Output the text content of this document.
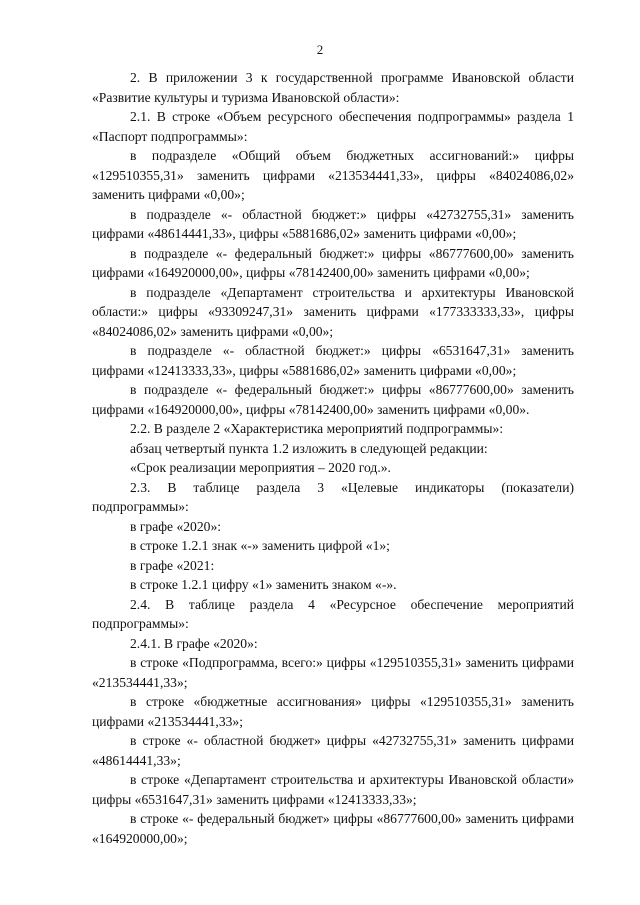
2

2. В приложении 3 к государственной программе Ивановской области «Развитие культуры и туризма Ивановской области»:

2.1. В строке «Объем ресурсного обеспечения подпрограммы» раздела 1 «Паспорт подпрограммы»:

в подразделе «Общий объем бюджетных ассигнований:» цифры «129510355,31» заменить цифрами «213534441,33», цифры «84024086,02» заменить цифрами «0,00»;

в подразделе «- областной бюджет:» цифры «42732755,31» заменить цифрами «48614441,33», цифры «5881686,02» заменить цифрами «0,00»;

в подразделе «- федеральный бюджет:» цифры «86777600,00» заменить цифрами «164920000,00», цифры «78142400,00» заменить цифрами «0,00»;

в подразделе «Департамент строительства и архитектуры Ивановской области:» цифры «93309247,31» заменить цифрами «177333333,33», цифры «84024086,02» заменить цифрами «0,00»;

в подразделе «- областной бюджет:» цифры «6531647,31» заменить цифрами «12413333,33», цифры «5881686,02» заменить цифрами «0,00»;

в подразделе «- федеральный бюджет:» цифры «86777600,00» заменить цифрами «164920000,00», цифры «78142400,00» заменить цифрами «0,00».

2.2. В разделе 2 «Характеристика мероприятий подпрограммы»:

абзац четвертый пункта 1.2 изложить в следующей редакции:

«Срок реализации мероприятия – 2020 год.».

2.3. В таблице раздела 3 «Целевые индикаторы (показатели) подпрограммы»:

в графе «2020»:

в строке 1.2.1 знак «-» заменить цифрой «1»;

в графе «2021:

в строке 1.2.1 цифру «1» заменить знаком «-».

2.4. В таблице раздела 4 «Ресурсное обеспечение мероприятий подпрограммы»:

2.4.1. В графе «2020»:

в строке «Подпрограмма, всего:» цифры «129510355,31» заменить цифрами «213534441,33»;

в строке «бюджетные ассигнования» цифры «129510355,31» заменить цифрами «213534441,33»;

в строке «- областной бюджет» цифры «42732755,31» заменить цифрами «48614441,33»;

в строке «Департамент строительства и архитектуры Ивановской области» цифры «6531647,31» заменить цифрами «12413333,33»;

в строке «- федеральный бюджет» цифры «86777600,00» заменить цифрами «164920000,00»;
